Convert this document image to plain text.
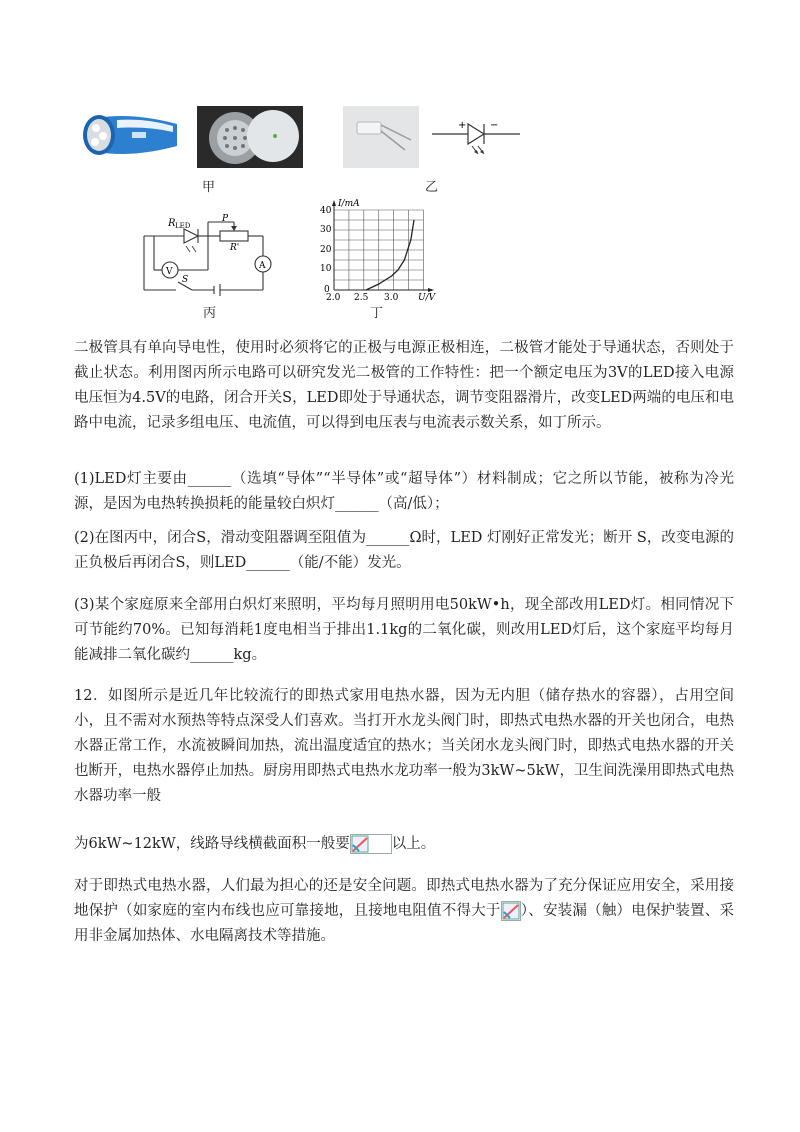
甲
+ −
乙
R LED
P
R'
V
A
S
丙
I/mA
U/V
40
30
20
10
0
2.0 2.5 3.0
丁
二极管具有单向导电性，使用时必须将它的正极与电源正极相连，二极管才能处于导通状态，否则处于截止状态。利用图丙所示电路可以研究发光二极管的工作特性：把一个额定电压为3V的LED接入电源电压恒为4.5V的电路，闭合开关S，LED即处于导通状态，调节变阻器滑片，改变LED两端的电压和电路中电流，记录多组电压、电流值，可以得到电压表与电流表示数关系，如丁所示。
(1)LED灯主要由______（选填“导体”“半导体”或“超导体”）材料制成；它之所以节能，被称为冷光源，是因为电热转换损耗的能量较白炽灯______（高/低）；
(2)在图丙中，闭合S，滑动变阻器调至阻值为______Ω时，LED 灯刚好正常发光；断开 S，改变电源的正负极后再闭合S，则LED______（能/不能）发光。
(3)某个家庭原来全部用白炽灯来照明，平均每月照明用电50kW•h，现全部改用LED灯。相同情况下可节能约70%。已知每消耗1度电相当于排出1.1kg的二氧化碳，则改用LED灯后，这个家庭平均每月能减排二氧化碳约______kg。
12．如图所示是近几年比较流行的即热式家用电热水器，因为无内胆（储存热水的容器），占用空间小，且不需对水预热等特点深受人们喜欢。当打开水龙头阀门时，即热式电热水器的开关也闭合，电热水器正常工作，水流被瞬间加热，流出温度适宜的热水；当关闭水龙头阀门时，即热式电热水器的开关也断开，电热水器停止加热。厨房用即热式电热水龙功率一般为3kW~5kW，卫生间洗澡用即热式电热水器功率一般
为6kW~12kW，线路导线横截面积一般要	以上。
对于即热式电热水器，人们最为担心的还是安全问题。即热式电热水器为了充分保证应用安全，采用接地保护（如家庭的室内布线也应可靠接地，且接地电阻值不得大于 ）、安装漏（触）电保护装置、采用非金属加热体、水电隔离技术等措施。
